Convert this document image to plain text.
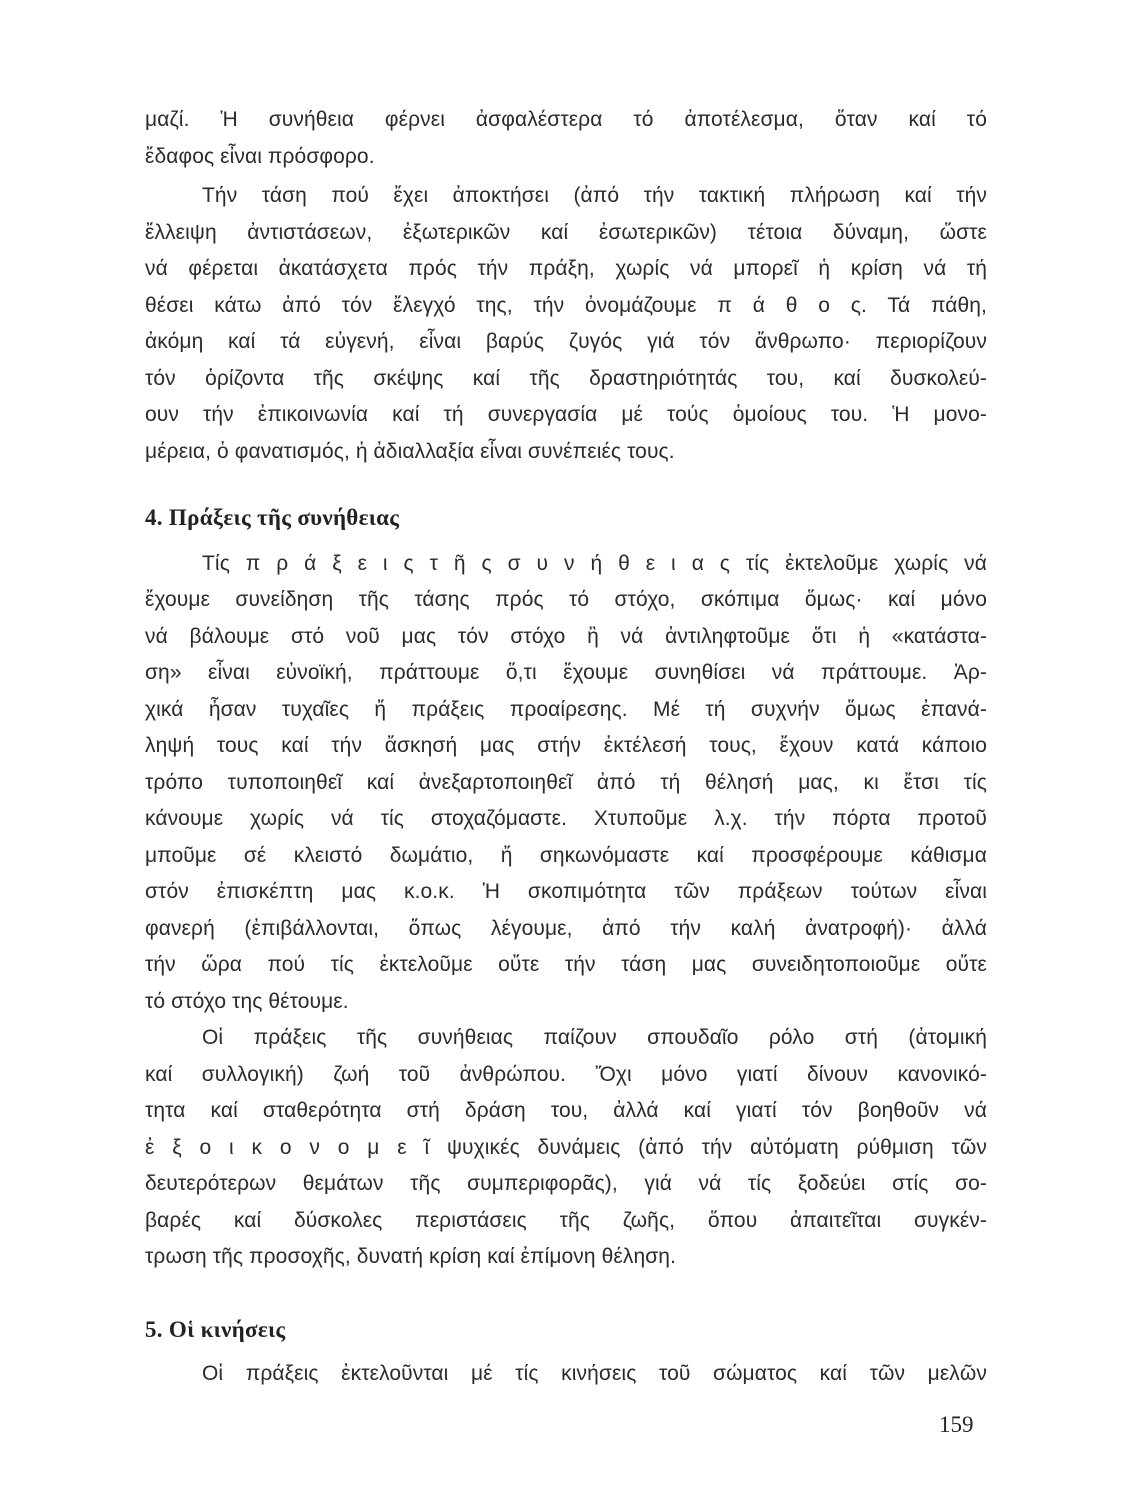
μαζί. Ἡ συνήθεια φέρνει ἀσφαλέστερα τό ἀποτέλεσμα, ὅταν καί τό
ἔδαφος εἶναι πρόσφορο.
Τήν τάση πού ἔχει ἀποκτήσει (ἀπό τήν τακτική πλήρωση καί τήν
ἔλλειψη ἀντιστάσεων, ἐξωτερικῶν καί ἐσωτερικῶν) τέτοια δύναμη, ὥστε
νά φέρεται ἀκατάσχετα πρός τήν πράξη, χωρίς νά μπορεῖ ἡ κρίση νά τή
θέσει κάτω ἀπό τόν ἔλεγχό της, τήν ὀνομάζουμε π ά θ ο ς. Τά πάθη,
ἀκόμη καί τά εὐγενή, εἶναι βαρύς ζυγός γιά τόν ἄνθρωπο· περιορίζουν
τόν ὁρίζοντα τῆς σκέψης καί τῆς δραστηριότητάς του, καί δυσκολεύ-
ουν τήν ἐπικοινωνία καί τή συνεργασία μέ τούς ὁμοίους του. Ἡ μονο-
μέρεια, ὁ φανατισμός, ἡ ἀδιαλλαξία εἶναι συνέπειές τους.
4. Πράξεις τῆς συνήθειας
Τίς π ρ ά ξ ε ι ς τ ῆ ς σ υ ν ή θ ε ι α ς τίς ἐκτελοῦμε χωρίς νά
ἔχουμε συνείδηση τῆς τάσης πρός τό στόχο, σκόπιμα ὅμως· καί μόνο
νά βάλουμε στό νοῦ μας τόν στόχο ἢ νά ἀντιληφτοῦμε ὅτι ἡ «κατάστα-
ση» εἶναι εὐνοϊκή, πράττουμε ὅ,τι ἔχουμε συνηθίσει νά πράττουμε. Ἀρ-
χικά ἦσαν τυχαῖες ἤ πράξεις προαίρεσης. Μέ τή συχνήν ὅμως ἐπανά-
ληψή τους καί τήν ἄσκησή μας στήν ἐκτέλεσή τους, ἔχουν κατά κάποιο
τρόπο τυποποιηθεῖ καί ἀνεξαρτοποιηθεῖ ἀπό τή θέλησή μας, κι ἔτσι τίς
κάνουμε χωρίς νά τίς στοχαζόμαστε. Χτυποῦμε λ.χ. τήν πόρτα προτοῦ
μποῦμε σέ κλειστό δωμάτιο, ἤ σηκωνόμαστε καί προσφέρουμε κάθισμα
στόν ἐπισκέπτη μας κ.ο.κ. Ἡ σκοπιμότητα τῶν πράξεων τούτων εἶναι
φανερή (ἐπιβάλλονται, ὅπως λέγουμε, ἀπό τήν καλή ἀνατροφή)· ἀλλά
τήν ὥρα πού τίς ἐκτελοῦμε οὔτε τήν τάση μας συνειδητοποιοῦμε οὔτε
τό στόχο της θέτουμε.
Οἱ πράξεις τῆς συνήθειας παίζουν σπουδαῖο ρόλο στή (ἀτομική
καί συλλογική) ζωή τοῦ ἀνθρώπου. Ὄχι μόνο γιατί δίνουν κανονικό-
τητα καί σταθερότητα στή δράση του, ἀλλά καί γιατί τόν βοηθοῦν νά
ἐ ξ ο ι κ ο ν ο μ ε ῖ ψυχικές δυνάμεις (ἀπό τήν αὐτόματη ρύθμιση τῶν
δευτερότερων θεμάτων τῆς συμπεριφορᾶς), γιά νά τίς ξοδεύει στίς σο-
βαρές καί δύσκολες περιστάσεις τῆς ζωῆς, ὅπου ἀπαιτεῖται συγκέν-
τρωση τῆς προσοχῆς, δυνατή κρίση καί ἐπίμονη θέληση.
5. Οἱ κινήσεις
Οἱ πράξεις ἐκτελοῦνται μέ τίς κινήσεις τοῦ σώματος καί τῶν μελῶν
159
